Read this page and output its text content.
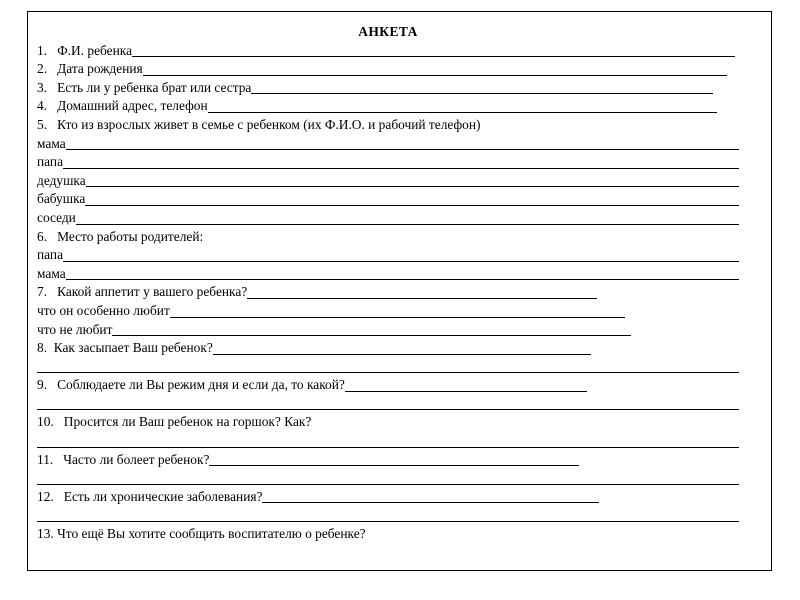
АНКЕТА
1.   Ф.И. ребенка
2.   Дата рождения
3.   Есть ли у ребенка брат или сестра
4.   Домашний адрес, телефон
5.   Кто из взрослых живет в семье с ребенком (их Ф.И.О. и рабочий телефон)
мама
папа
дедушка
бабушка
соседи
6.   Место работы родителей:
папа
мама
7.   Какой аппетит у вашего ребенка?
что он особенно любит
что не любит
8.  Как засыпает Ваш ребенок?
9.   Соблюдаете ли Вы режим дня и если да, то какой?
10.   Просится ли Ваш ребенок на горшок? Как?
11.   Часто ли болеет ребенок?
12.   Есть ли хронические заболевания?
13. Что ещё Вы хотите сообщить воспитателю о ребенке?
